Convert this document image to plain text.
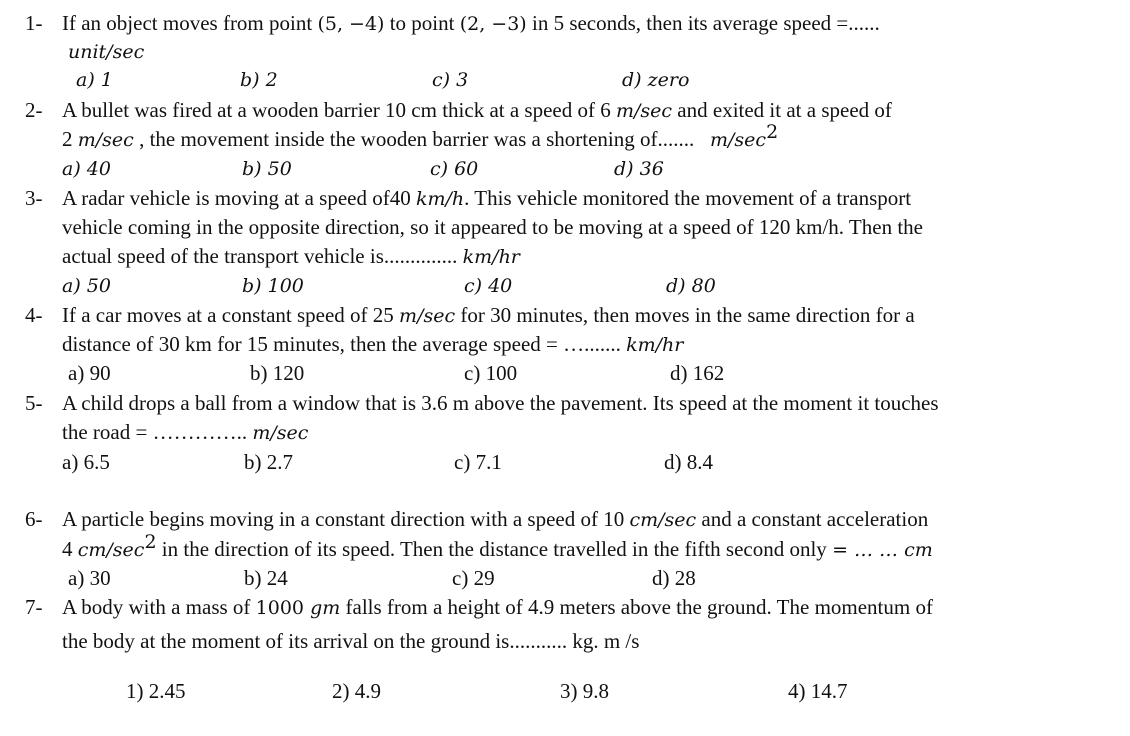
1- If an object moves from point (5, −4) to point (2, −3) in 5 seconds, then its average speed =......
unit/sec
a) 1	b) 2	c) 3	d) zero
2- A bullet was fired at a wooden barrier 10 cm thick at a speed of 6 m/sec and exited it at a speed of
2 m/sec , the movement inside the wooden barrier was a shortening of.......   $m/\sec^2$
a) 40	b) 50	c) 60	d) 36
3- A radar vehicle is moving at a speed of40 km/h. This vehicle monitored the movement of a transport
vehicle coming in the opposite direction, so it appeared to be moving at a speed of 120 km/h. Then the
actual speed of the transport vehicle is.............. km/hr
a) 50	b) 100	c) 40	d) 80
4- If a car moves at a constant speed of 25 m/sec for 30 minutes, then moves in the same direction for a
distance of 30 km for 15 minutes, then the average speed = …....... km/hr
a) 90	b) 120	c) 100	d) 162
5- A child drops a ball from a window that is 3.6 m above the pavement. Its speed at the moment it touches
the road = ………….. m/sec
a) 6.5	b) 2.7	c) 7.1	d) 8.4
6- A particle begins moving in a constant direction with a speed of 10 cm/sec and a constant acceleration
4 $cm/\sec^2$ in the direction of its speed. Then the distance travelled in the fifth second only = … … cm
a) 30	b) 24	c) 29	d) 28
7- A body with a mass of 1000 gm falls from a height of 4.9 meters above the ground. The momentum of
the body at the moment of its arrival on the ground is........... kg. m /s
1) 2.45	2) 4.9	3) 9.8	4) 14.7
